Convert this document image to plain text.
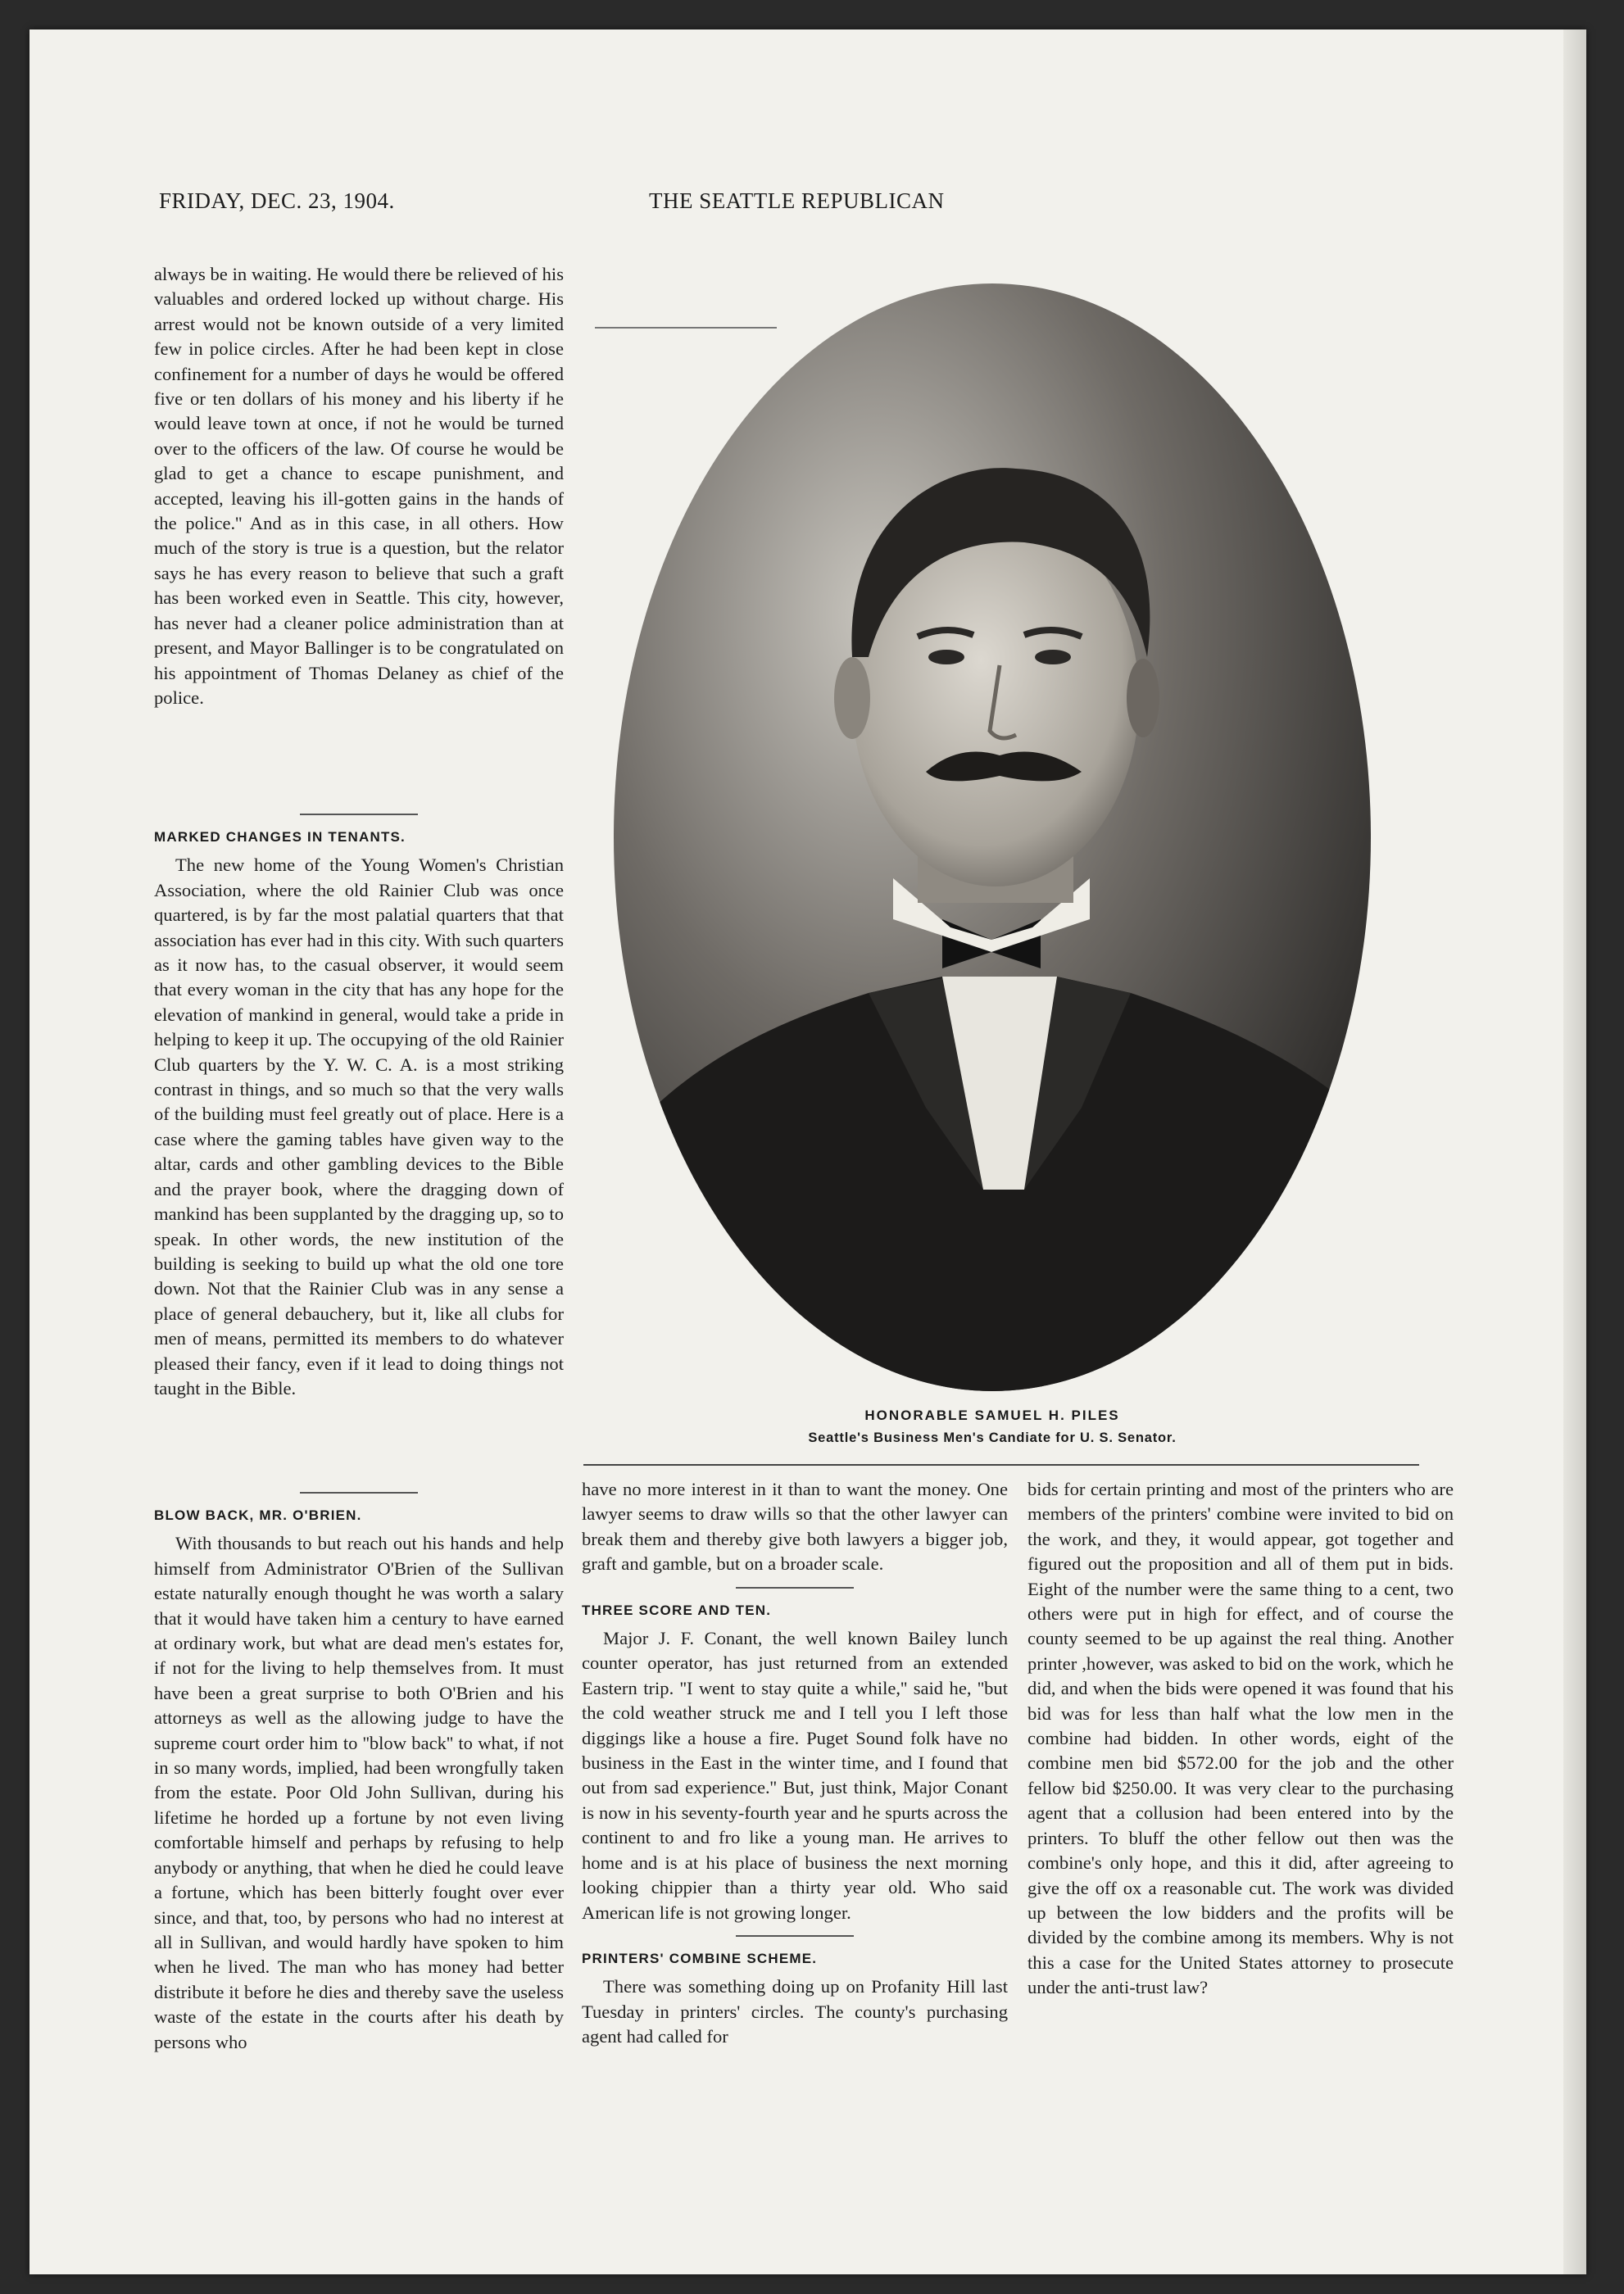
FRIDAY, DEC. 23, 1904.	THE SEATTLE REPUBLICAN

always be in waiting. He would there be relieved of his valuables and ordered locked up without charge. His arrest would not be known outside of a very limited few in police circles. After he had been kept in close confinement for a number of days he would be offered five or ten dollars of his money and his liberty if he would leave town at once, if not he would be turned over to the officers of the law. Of course he would be glad to get a chance to escape punishment, and accepted, leaving his ill-gotten gains in the hands of the police.'' And as in this case, in all others. How much of the story is true is a question, but the relator says he has every reason to believe that such a graft has been worked even in Seattle. This city, however, has never had a cleaner police administration than at present, and Mayor Ballinger is to be congratulated on his appointment of Thomas Delaney as chief of the police.

MARKED CHANGES IN TENANTS.

The new home of the Young Women's Christian Association, where the old Rainier Club was once quartered, is by far the most palatial quarters that that association has ever had in this city. With such quarters as it now has, to the casual observer, it would seem that every woman in the city that has any hope for the elevation of mankind in general, would take a pride in helping to keep it up. The occupying of the old Rainier Club quarters by the Y. W. C. A. is a most striking contrast in things, and so much so that the very walls of the building must feel greatly out of place. Here is a case where the gaming tables have given way to the altar, cards and other gambling devices to the Bible and the prayer book, where the dragging down of mankind has been supplanted by the dragging up, so to speak. In other words, the new institution of the building is seeking to build up what the old one tore down. Not that the Rainier Club was in any sense a place of general debauchery, but it, like all clubs for men of means, permitted its members to do whatever pleased their fancy, even if it lead to doing things not taught in the Bible.

BLOW BACK, MR. O'BRIEN.

With thousands to but reach out his hands and help himself from Administrator O'Brien of the Sullivan estate naturally enough thought he was worth a salary that it would have taken him a century to have earned at ordinary work, but what are dead men's estates for, if not for the living to help themselves from. It must have been a great surprise to both O'Brien and his attorneys as well as the allowing judge to have the supreme court order him to ''blow back'' to what, if not in so many words, implied, had been wrongfully taken from the estate. Poor Old John Sullivan, during his lifetime he horded up a fortune by not even living comfortable himself and perhaps by refusing to help anybody or anything, that when he died he could leave a fortune, which has been bitterly fought over ever since, and that, too, by persons who had no interest at all in Sullivan, and would hardly have spoken to him when he lived. The man who has money had better distribute it before he dies and thereby save the useless waste of the estate in the courts after his death by persons who

HONORABLE SAMUEL H. PILES
Seattle's Business Men's Candiate for U. S. Senator.

have no more interest in it than to want the money. One lawyer seems to draw wills so that the other lawyer can break them and thereby give both lawyers a bigger job, graft and gamble, but on a broader scale.

THREE SCORE AND TEN.

Major J. F. Conant, the well known Bailey lunch counter operator, has just returned from an extended Eastern trip. ''I went to stay quite a while,'' said he, ''but the cold weather struck me and I tell you I left those diggings like a house a fire. Puget Sound folk have no business in the East in the winter time, and I found that out from sad experience.'' But, just think, Major Conant is now in his seventy-fourth year and he spurts across the continent to and fro like a young man. He arrives to home and is at his place of business the next morning looking chippier than a thirty year old. Who said American life is not growing longer.

PRINTERS' COMBINE SCHEME.

There was something doing up on Profanity Hill last Tuesday in printers' circles. The county's purchasing agent had called for

bids for certain printing and most of the printers who are members of the printers' combine were invited to bid on the work, and they, it would appear, got together and figured out the proposition and all of them put in bids. Eight of the number were the same thing to a cent, two others were put in high for effect, and of course the county seemed to be up against the real thing. Another printer ,however, was asked to bid on the work, which he did, and when the bids were opened it was found that his bid was for less than half what the low men in the combine had bidden. In other words, eight of the combine men bid $572.00 for the job and the other fellow bid $250.00. It was very clear to the purchasing agent that a collusion had been entered into by the printers. To bluff the other fellow out then was the combine's only hope, and this it did, after agreeing to give the off ox a reasonable cut. The work was divided up between the low bidders and the profits will be divided by the combine among its members. Why is not this a case for the United States attorney to prosecute under the anti-trust law?
